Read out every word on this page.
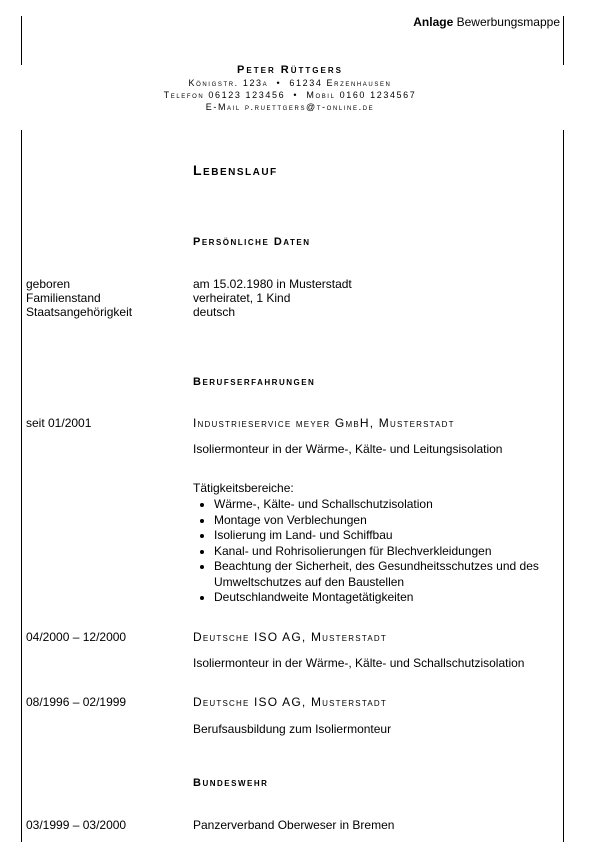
Anlage Bewerbungsmappe
Peter Rüttgers
Königstr. 123a  •  61234 Erzenhausen
Telefon 06123 123456  •  Mobil 0160 1234567
E-Mail p.ruettgers@t-online.de
Lebenslauf
Persönliche Daten
geboren	am 15.02.1980 in Musterstadt
Familienstand	verheiratet, 1 Kind
Staatsangehörigkeit	deutsch
Berufserfahrungen
seit 01/2001	Industrieservice meyer GmbH, Musterstadt
Isoliermonteur in der Wärme-, Kälte- und Leitungsisolation
Tätigkeitsbereiche:
• Wärme-, Kälte- und Schallschutzisolation
• Montage von Verblechungen
• Isolierung im Land- und Schiffbau
• Kanal- und Rohrisolierungen für Blechverkleidungen
• Beachtung der Sicherheit, des Gesundheitsschutzes und des Umweltschutzes auf den Baustellen
• Deutschlandweite Montagetätigkeiten
04/2000 – 12/2000	Deutsche ISO AG, Musterstadt
Isoliermonteur in der Wärme-, Kälte- und Schallschutzisolation
08/1996 – 02/1999	Deutsche ISO AG, Musterstadt
Berufsausbildung zum Isoliermonteur
Bundeswehr
03/1999 – 03/2000	Panzerverband Oberweser in Bremen
